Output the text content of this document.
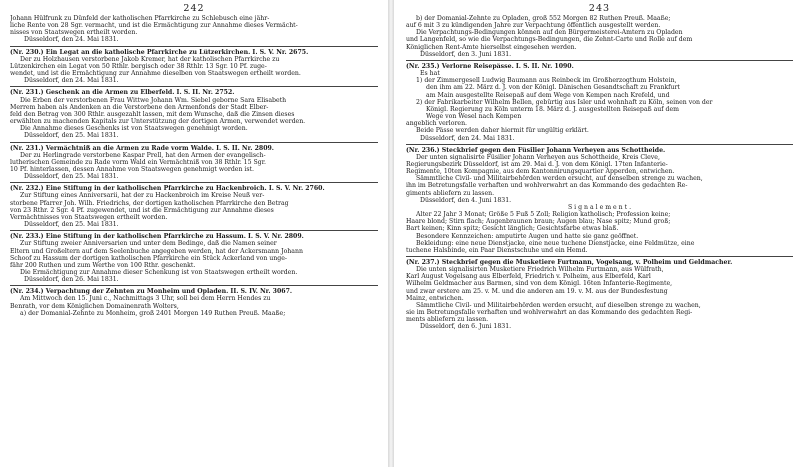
242
Johann Hülfrunk zu Dünfeld der katholischen Pfarrkirche zu Schlebusch eine jähr-
liche Rente von 28 Sgr. vermacht, und ist die Ermächtigung zur Annahme dieses Vermächt-
nisses von Staatswegen ertheilt worden.
Düsseldorf, den 24. Mai 1831.
(Nr. 230.) Ein Legat an die katholische Pfarrkirche zu Lützerkirchen. I. S. V. Nr. 2675.
Der zu Holzhausen verstorbene Jakob Kremer, hat der katholischen Pfarrkirche zu
Lützenkirchen ein Legat von 50 Rthlr. bergisch oder 38 Rthlr. 13 Sgr. 10 Pf. zuge-
wendet, und ist die Ermächtigung zur Annahme dieselben von Staatswegen ertheilt worden.
Düsseldorf, den 24. Mai 1831.
(Nr. 231.) Geschenk an die Armen zu Elberfeld. I. S. II. Nr. 2752.
Die Erben der verstorbenen Frau Wittwe Johann Wm. Siebel geborne Sara Elisabeth
Merrem haben als Andenken an die Verstorbene den Armenfonds der Stadt Elber-
feld den Betrag von 300 Rthlr. ausgezahlt lassen, mit dem Wunsche, daß die Zinsen dieses
erwählten zu machenden Kapitals zur Unterstützung der dortigen Armen, verwendet werden.
Die Annahme dieses Geschenks ist von Staatswegen genehmigt worden.
Düsseldorf, den 25. Mai 1831.
(Nr. 231.) Vermächtniß an die Armen zu Rade vorm Walde. I. S. II. Nr. 2809.
Der zu Herlingrade verstorbene Kaspar Prell, hat den Armen der evangelisch-
lutherischen Gemeinde zu Rade vorm Wald ein Vermächtniß von 38 Rthlr. 15 Sgr.
10 Pf. hinterlassen, dessen Annahme von Staatswegen genehmigt worden ist.
Düsseldorf, den 25. Mai 1831.
(Nr. 232.) Eine Stiftung in der katholischen Pfarrkirche zu Hackenbroich. I. S. V. Nr. 2760.
Zur Stiftung eines Anniversarii, hat der zu Hackenbroich im Kreise Neuß ver-
storbene Pfarrer Joh. Wilh. Friedrichs, der dortigen katholischen Pfarrkirche den Betrag
von 23 Rthr. 2 Sgr. 4 Pf. zugewendet, und ist die Ermächtigung zur Annahme dieses
Vermächtnisses von Staatswegen ertheilt worden.
Düsseldorf, den 25. Mai 1831.
(Nr. 233.) Eine Stiftung in der katholischen Pfarrkirche zu Hassum. I. S. V. Nr. 2809.
Zur Stiftung zweier Anniversarien und unter dem Bedinge, daß die Namen seiner
Eltern und Großeltern auf dem Seelenbuche angegeben werden, hat der Ackersmann Johann
Schoof zu Hassum der dortigen katholischen Pfarrkirche ein Stück Ackerland von unge-
fähr 200 Ruthen und zum Werthe von 100 Rthr. geschenkt.
Die Ermächtigung zur Annahme dieser Schenkung ist von Staatswegen ertheilt worden.
Düsseldorf, den 26. Mai 1831.
(Nr. 234.) Verpachtung der Zehnten zu Monheim und Opladen. II. S. IV. Nr. 3067.
Am Mittwoch den 15. Juni c., Nachmittags 3 Uhr, soll bei dem Herrn Hendes zu
Benrath, vor dem Königlichen Domainenrath Wolters,
a) der Domanial-Zehnte zu Monheim, groß 2401 Morgen 149 Ruthen Preuß. Maaße;
243
b) der Domanial-Zehnte zu Opladen, groß 552 Morgen 82 Ruthen Preuß. Maaße;
auf 6 mit 3 zu kündigenden Jahre zur Verpachtung öffentlich ausgestellt werden.
Die Verpachtungs-Bedingungen können auf den Bürgermeisterei-Ämtern zu Opladen
und Langenfeld, so wie die Verpachtungs-Bedingungen, die Zehnt-Carte und Rolle auf dem
Königlichen Rent-Amte hierselbst eingesehen werden.
Düsseldorf, den 3. Juni 1831.
(Nr. 235.) Verlorne Reisepässe. I. S. II. Nr. 1090.
Es hat
1) der Zimmergesell Ludwig Baumann aus Reinbeck im Großherzogthum Holstein,
den ihm am 22. März d. J. von der Königl. Dänischen Gesandtschaft zu Frankfurt
am Main ausgestellte Reisepaß auf dem Wege von Kempen nach Krefeld, und
2) der Fabrikarbeiter Wilhelm Bellen, gebürtig aus Isler und wohnhaft zu Köln, seinen von der
Königl. Regierung zu Köln unterm 18. März d. J. ausgestellten Reisepaß auf dem
Wege von Wesel nach Kempen
angeblich verloren.
Beide Pässe werden daher hiermit für ungültig erklärt.
Düsseldorf, den 24. Mai 1831.
(Nr. 236.) Steckbrief gegen den Füsilier Johann Verheyen aus Schottheide.
Der unten signalisirte Füsilier Johann Verheyen aus Schottheide, Kreis Cleve,
Regierungsbezirk Düsseldorf, ist am 29. Mai d. J. von dem Königl. 17ten Infanterie-
Regimente, 10ten Kompagnie, aus dem Kantonnirungsquartier Apperden, entwichen.
Sämmtliche Civil- und Militairbehörden werden ersucht, auf denselben strenge zu wachen,
ihn im Betretungsfalle verhaften und wohlverwahrt an das Kommando des gedachten Re-
giments abliefern zu lassen.
Düsseldorf, den 4. Juni 1831.
S i g n a l e m e n t .
Alter 22 Jahr 3 Monat; Größe 5 Fuß 5 Zoll; Religion katholisch; Profession keine;
Haare blond; Stirn flach; Augenbraunen braun; Augen blau; Nase spitz; Mund groß;
Bart keinen; Kinn spitz; Gesicht länglich; Gesichtsfarbe etwas blaß.
Besondere Kennzeichen: amputirte Augen und hatte sie ganz geöffnet.
Bekleidung: eine neue Dienstjacke, eine neue tuchene Dienstjacke, eine Feldmütze, eine
tuchene Halsbinde, ein Paar Dienstschuhe und ein Hemd.
(Nr. 237.) Steckbrief gegen die Musketiere Furtmann, Vogelsang, v. Polheim und Geldmacher.
Die unten signalisirten Musketiere Friedrich Wilhelm Furtmann, aus Wülfrath,
Karl August Vogelsang aus Elberfeld, Friedrich v. Polheim, aus Elberfeld, Karl
Wilhelm Geldmacher aus Barmen, sind von dem Königl. 16ten Infanterie-Regimente,
und zwar erstere am 25. v. M. und die anderen am 19. v. M. aus der Bundesfestung
Mainz, entwichen.
Sämmtliche Civil- und Militairbehörden werden ersucht, auf dieselben strenge zu wachen,
sie im Betretungsfalle verhaften und wohlverwahrt an das Kommando des gedachten Regi-
ments abliefern zu lassen.
Düsseldorf, den 6. Juni 1831.
